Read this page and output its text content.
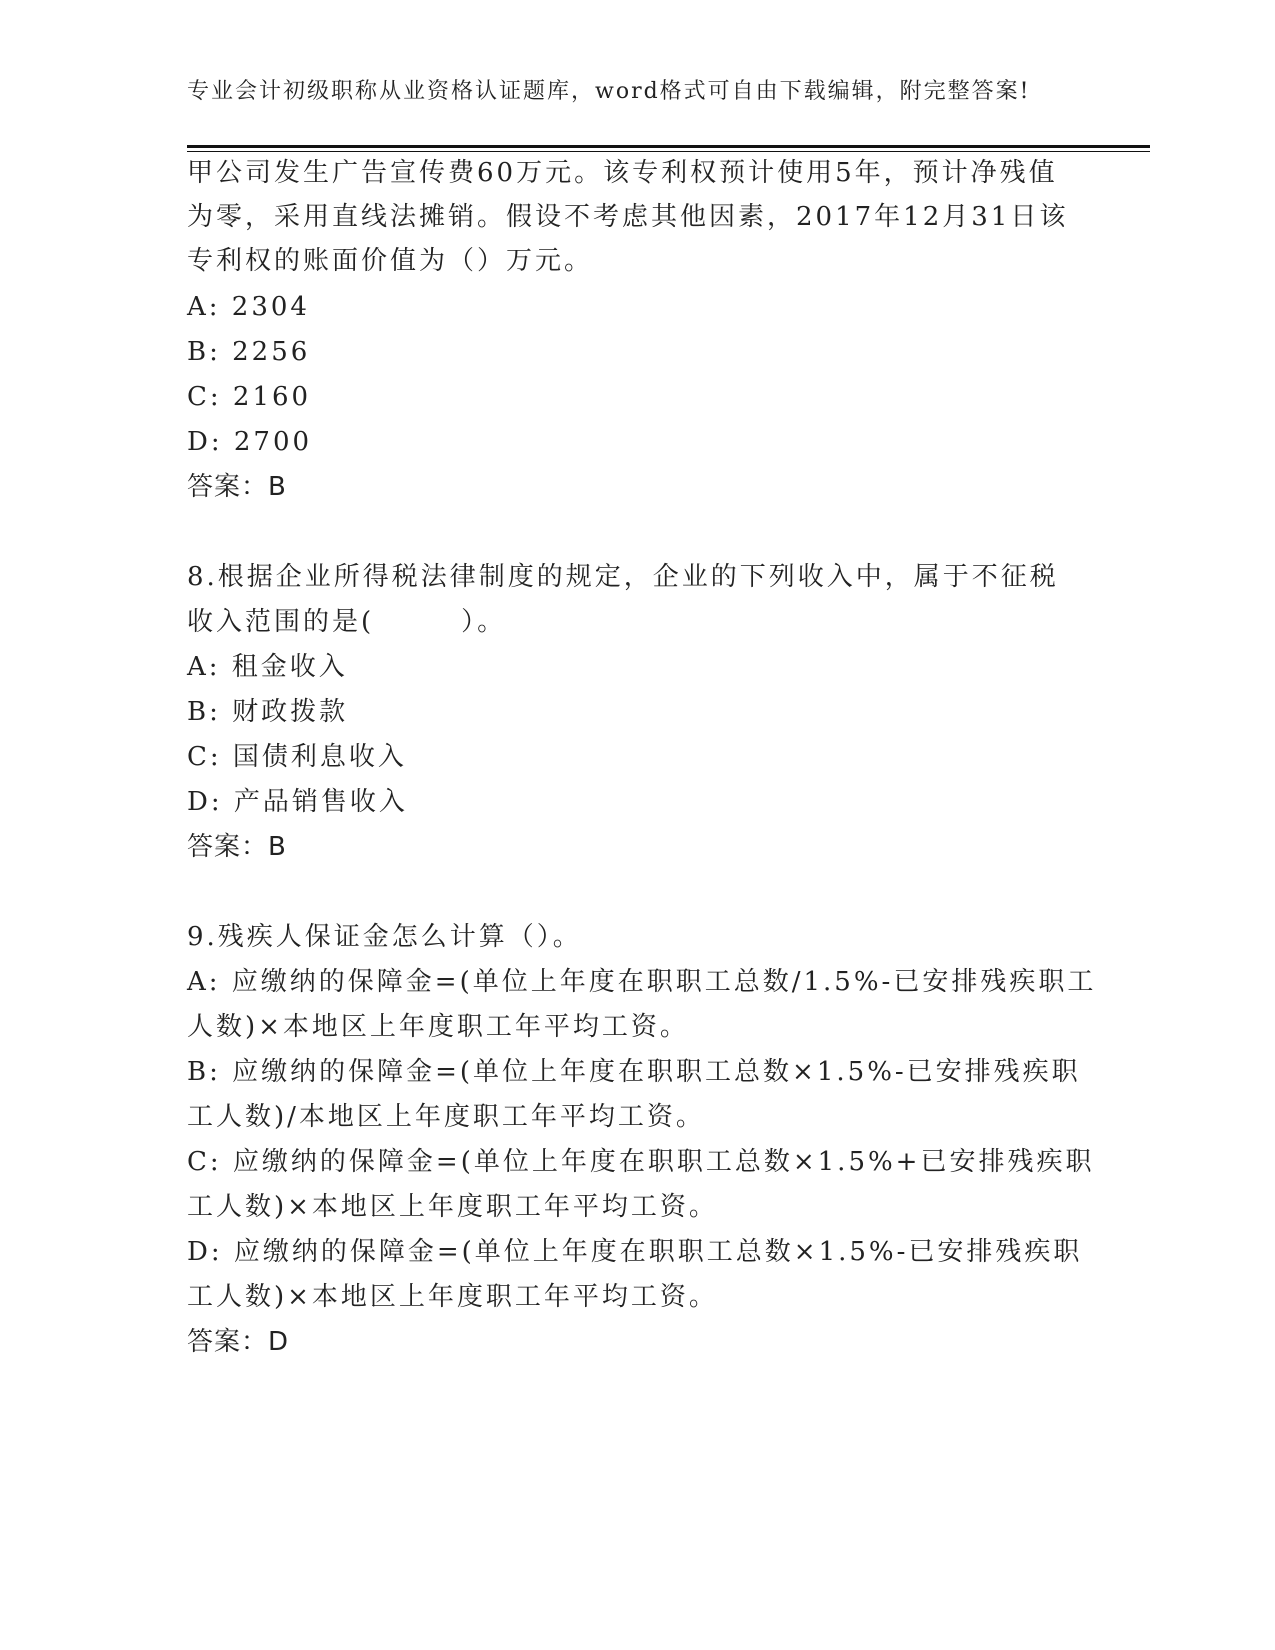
专业会计初级职称从业资格认证题库，word格式可自由下载编辑，附完整答案!
甲公司发生广告宣传费60万元。该专利权预计使用5年，预计净残值
为零，采用直线法摊销。假设不考虑其他因素，2017年12月31日该
专利权的账面价值为（）万元。
A: 2304
B: 2256
C: 2160
D: 2700
答案：B
8.根据企业所得税法律制度的规定，企业的下列收入中，属于不征税
收入范围的是(　　　）。
A: 租金收入
B: 财政拨款
C: 国债利息收入
D: 产品销售收入
答案：B
9.残疾人保证金怎么计算（）。
A: 应缴纳的保障金=(单位上年度在职职工总数/1.5%-已安排残疾职工
人数)×本地区上年度职工年平均工资。
B: 应缴纳的保障金=(单位上年度在职职工总数×1.5%-已安排残疾职
工人数)/本地区上年度职工年平均工资。
C: 应缴纳的保障金=(单位上年度在职职工总数×1.5%+已安排残疾职
工人数)×本地区上年度职工年平均工资。
D: 应缴纳的保障金=(单位上年度在职职工总数×1.5%-已安排残疾职
工人数)×本地区上年度职工年平均工资。
答案：D
